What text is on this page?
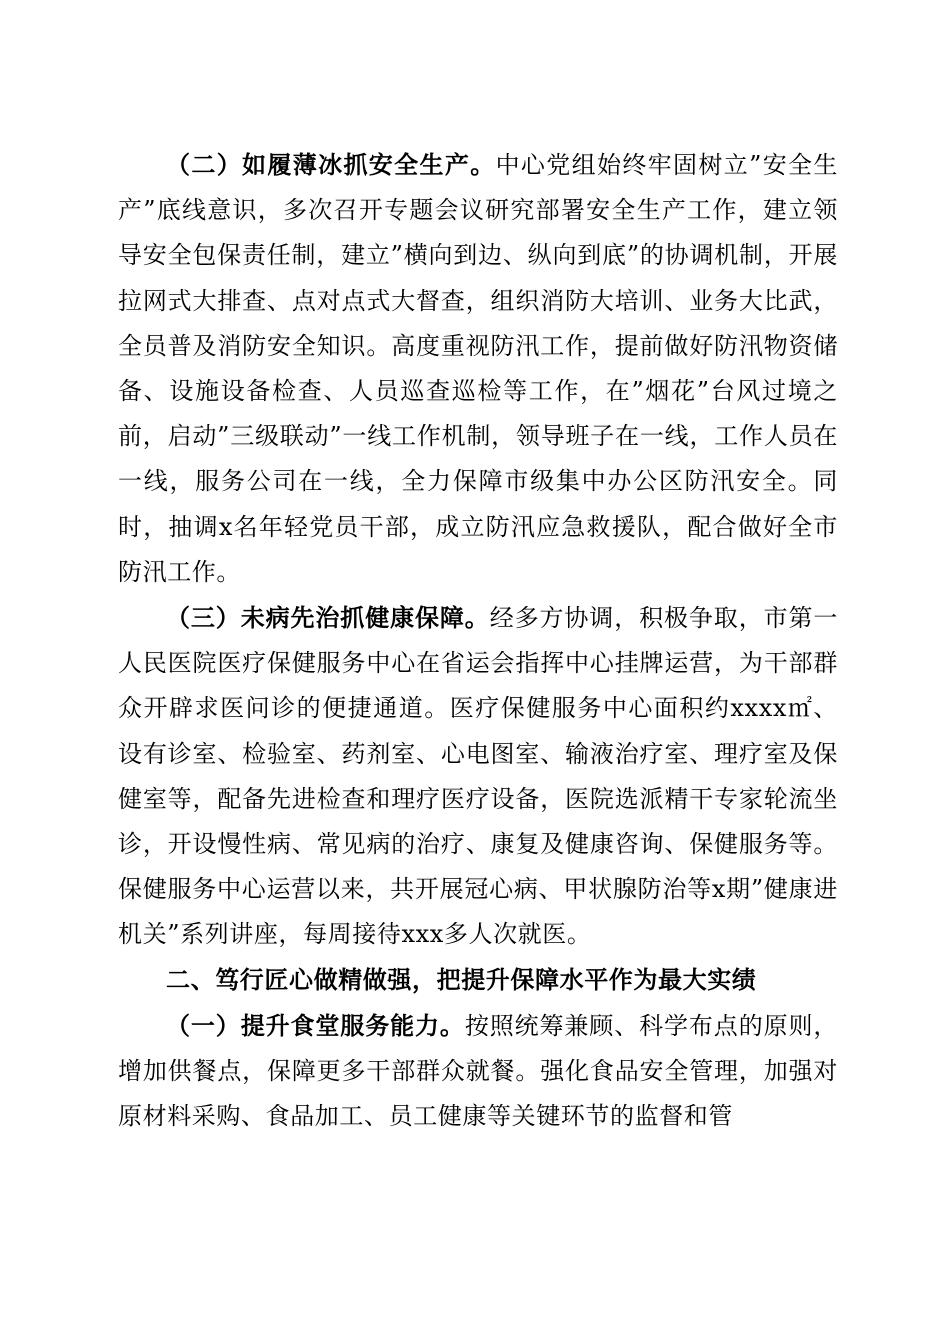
（二）如履薄冰抓安全生产。中心党组始终牢固树立”安全生产”底线意识，多次召开专题会议研究部署安全生产工作，建立领导安全包保责任制，建立”横向到边、纵向到底”的协调机制，开展拉网式大排查、点对点式大督查，组织消防大培训、业务大比武，全员普及消防安全知识。高度重视防汛工作，提前做好防汛物资储备、设施设备检查、人员巡查巡检等工作，在”烟花”台风过境之前，启动”三级联动”一线工作机制，领导班子在一线，工作人员在一线，服务公司在一线，全力保障市级集中办公区防汛安全。同时，抽调x名年轻党员干部，成立防汛应急救援队，配合做好全市防汛工作。

（三）未病先治抓健康保障。经多方协调，积极争取，市第一人民医院医疗保健服务中心在省运会指挥中心挂牌运营，为干部群众开辟求医问诊的便捷通道。医疗保健服务中心面积约xxxx㎡、设有诊室、检验室、药剂室、心电图室、输液治疗室、理疗室及保健室等，配备先进检查和理疗医疗设备，医院选派精干专家轮流坐诊，开设慢性病、常见病的治疗、康复及健康咨询、保健服务等。保健服务中心运营以来，共开展冠心病、甲状腺防治等x期”健康进机关”系列讲座，每周接待xxx多人次就医。

二、笃行匠心做精做强，把提升保障水平作为最大实绩

（一）提升食堂服务能力。按照统筹兼顾、科学布点的原则，增加供餐点，保障更多干部群众就餐。强化食品安全管理，加强对原材料采购、食品加工、员工健康等关键环节的监督和管
